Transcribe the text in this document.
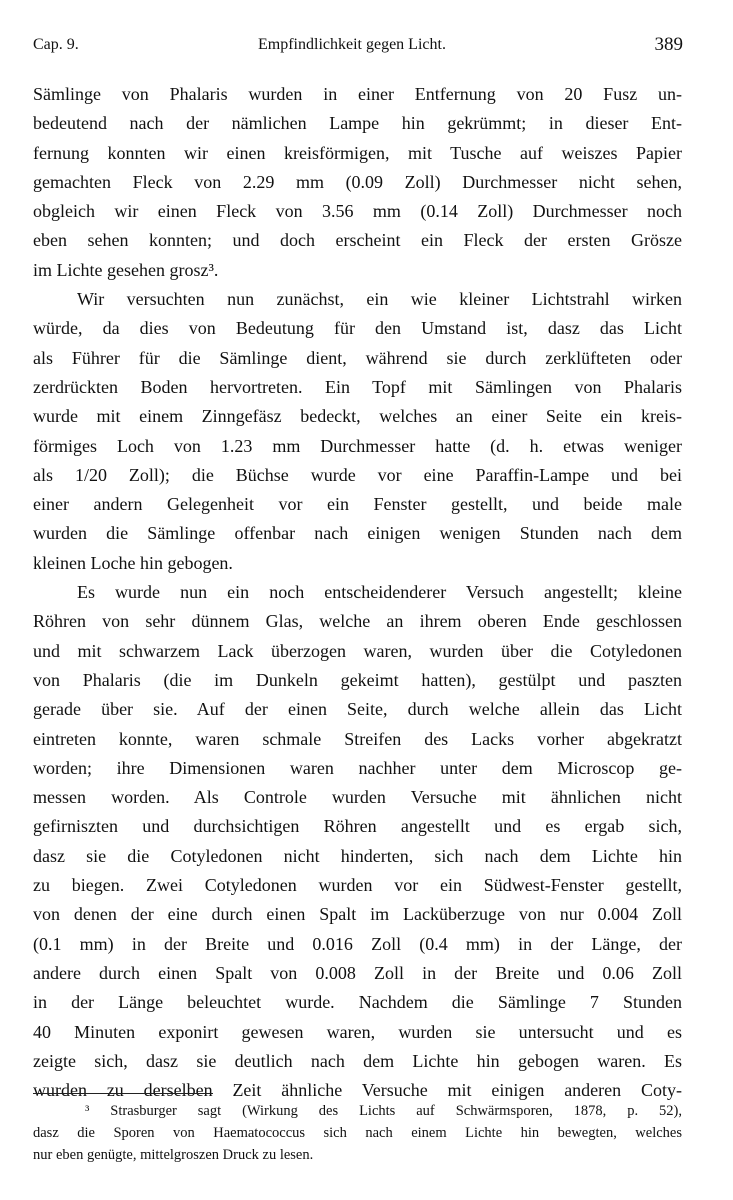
Cap. 9.	Empfindlichkeit gegen Licht.	389
Sämlinge von Phalaris wurden in einer Entfernung von 20 Fusz un-
bedeutend nach der nämlichen Lampe hin gekrümmt; in dieser Ent-
fernung konnten wir einen kreisförmigen, mit Tusche auf weiszes Papier
gemachten Fleck von 2.29 mm (0.09 Zoll) Durchmesser nicht sehen,
obgleich wir einen Fleck von 3.56 mm (0.14 Zoll) Durchmesser noch
eben sehen konnten; und doch erscheint ein Fleck der ersten Grösze
im Lichte gesehen grosz³.
Wir versuchten nun zunächst, ein wie kleiner Lichtstrahl wirken
würde, da dies von Bedeutung für den Umstand ist, dasz das Licht
als Führer für die Sämlinge dient, während sie durch zerklüfteten oder
zerdrückten Boden hervortreten. Ein Topf mit Sämlingen von Phalaris
wurde mit einem Zinngefäsz bedeckt, welches an einer Seite ein kreis-
förmiges Loch von 1.23 mm Durchmesser hatte (d. h. etwas weniger
als 1/20 Zoll); die Büchse wurde vor eine Paraffin-Lampe und bei
einer andern Gelegenheit vor ein Fenster gestellt, und beide male
wurden die Sämlinge offenbar nach einigen wenigen Stunden nach dem
kleinen Loche hin gebogen.
Es wurde nun ein noch entscheidenderer Versuch angestellt; kleine
Röhren von sehr dünnem Glas, welche an ihrem oberen Ende geschlossen
und mit schwarzem Lack überzogen waren, wurden über die Cotyledonen
von Phalaris (die im Dunkeln gekeimt hatten), gestülpt und paszten
gerade über sie. Auf der einen Seite, durch welche allein das Licht
eintreten konnte, waren schmale Streifen des Lacks vorher abgekratzt
worden; ihre Dimensionen waren nachher unter dem Microscop ge-
messen worden. Als Controle wurden Versuche mit ähnlichen nicht
gefirniszten und durchsichtigen Röhren angestellt und es ergab sich,
dasz sie die Cotyledonen nicht hinderten, sich nach dem Lichte hin
zu biegen. Zwei Cotyledonen wurden vor ein Südwest-Fenster gestellt,
von denen der eine durch einen Spalt im Lacküberzuge von nur 0.004 Zoll
(0.1 mm) in der Breite und 0.016 Zoll (0.4 mm) in der Länge, der
andere durch einen Spalt von 0.008 Zoll in der Breite und 0.06 Zoll
in der Länge beleuchtet wurde. Nachdem die Sämlinge 7 Stunden
40 Minuten exponirt gewesen waren, wurden sie untersucht und es
zeigte sich, dasz sie deutlich nach dem Lichte hin gebogen waren. Es
wurden zu derselben Zeit ähnliche Versuche mit einigen anderen Coty-
³ Strasburger sagt (Wirkung des Lichts auf Schwärmsporen, 1878, p. 52),
dasz die Sporen von Haematococcus sich nach einem Lichte hin bewegten, welches
nur eben genügte, mittelgroszen Druck zu lesen.
